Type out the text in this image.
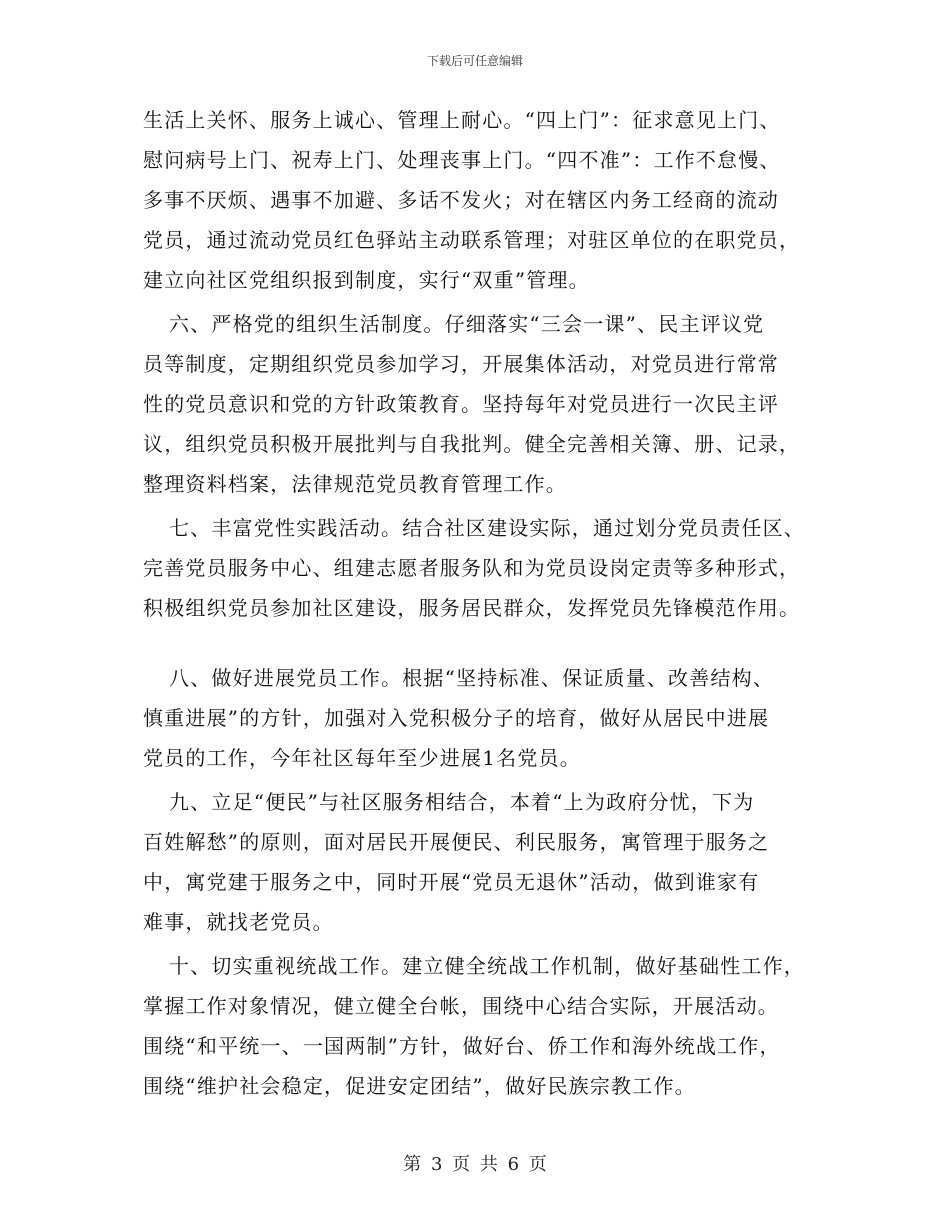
下载后可任意编辑
生活上关怀、服务上诚心、管理上耐心。“四上门”：征求意见上门、
慰问病号上门、祝寿上门、处理丧事上门。“四不准”：工作不怠慢、
多事不厌烦、遇事不加避、多话不发火；对在辖区内务工经商的流动
党员，通过流动党员红色驿站主动联系管理；对驻区单位的在职党员，
建立向社区党组织报到制度，实行“双重”管理。
六、严格党的组织生活制度。仔细落实“三会一课”、民主评议党
员等制度，定期组织党员参加学习，开展集体活动，对党员进行常常
性的党员意识和党的方针政策教育。坚持每年对党员进行一次民主评
议，组织党员积极开展批判与自我批判。健全完善相关簿、册、记录，
整理资料档案，法律规范党员教育管理工作。
七、丰富党性实践活动。结合社区建设实际，通过划分党员责任区、
完善党员服务中心、组建志愿者服务队和为党员设岗定责等多种形式，
积极组织党员参加社区建设，服务居民群众，发挥党员先锋模范作用。
八、做好进展党员工作。根据“坚持标准、保证质量、改善结构、
慎重进展”的方针，加强对入党积极分子的培育，做好从居民中进展
党员的工作，今年社区每年至少进展1名党员。
九、立足“便民”与社区服务相结合，本着“上为政府分忧，下为
百姓解愁”的原则，面对居民开展便民、利民服务，寓管理于服务之
中，寓党建于服务之中，同时开展“党员无退休”活动，做到谁家有
难事，就找老党员。
十、切实重视统战工作。建立健全统战工作机制，做好基础性工作，
掌握工作对象情况，健立健全台帐，围绕中心结合实际，开展活动。
围绕“和平统一、一国两制”方针，做好台、侨工作和海外统战工作，
围绕“维护社会稳定，促进安定团结”，做好民族宗教工作。
第 3 页 共 6 页
